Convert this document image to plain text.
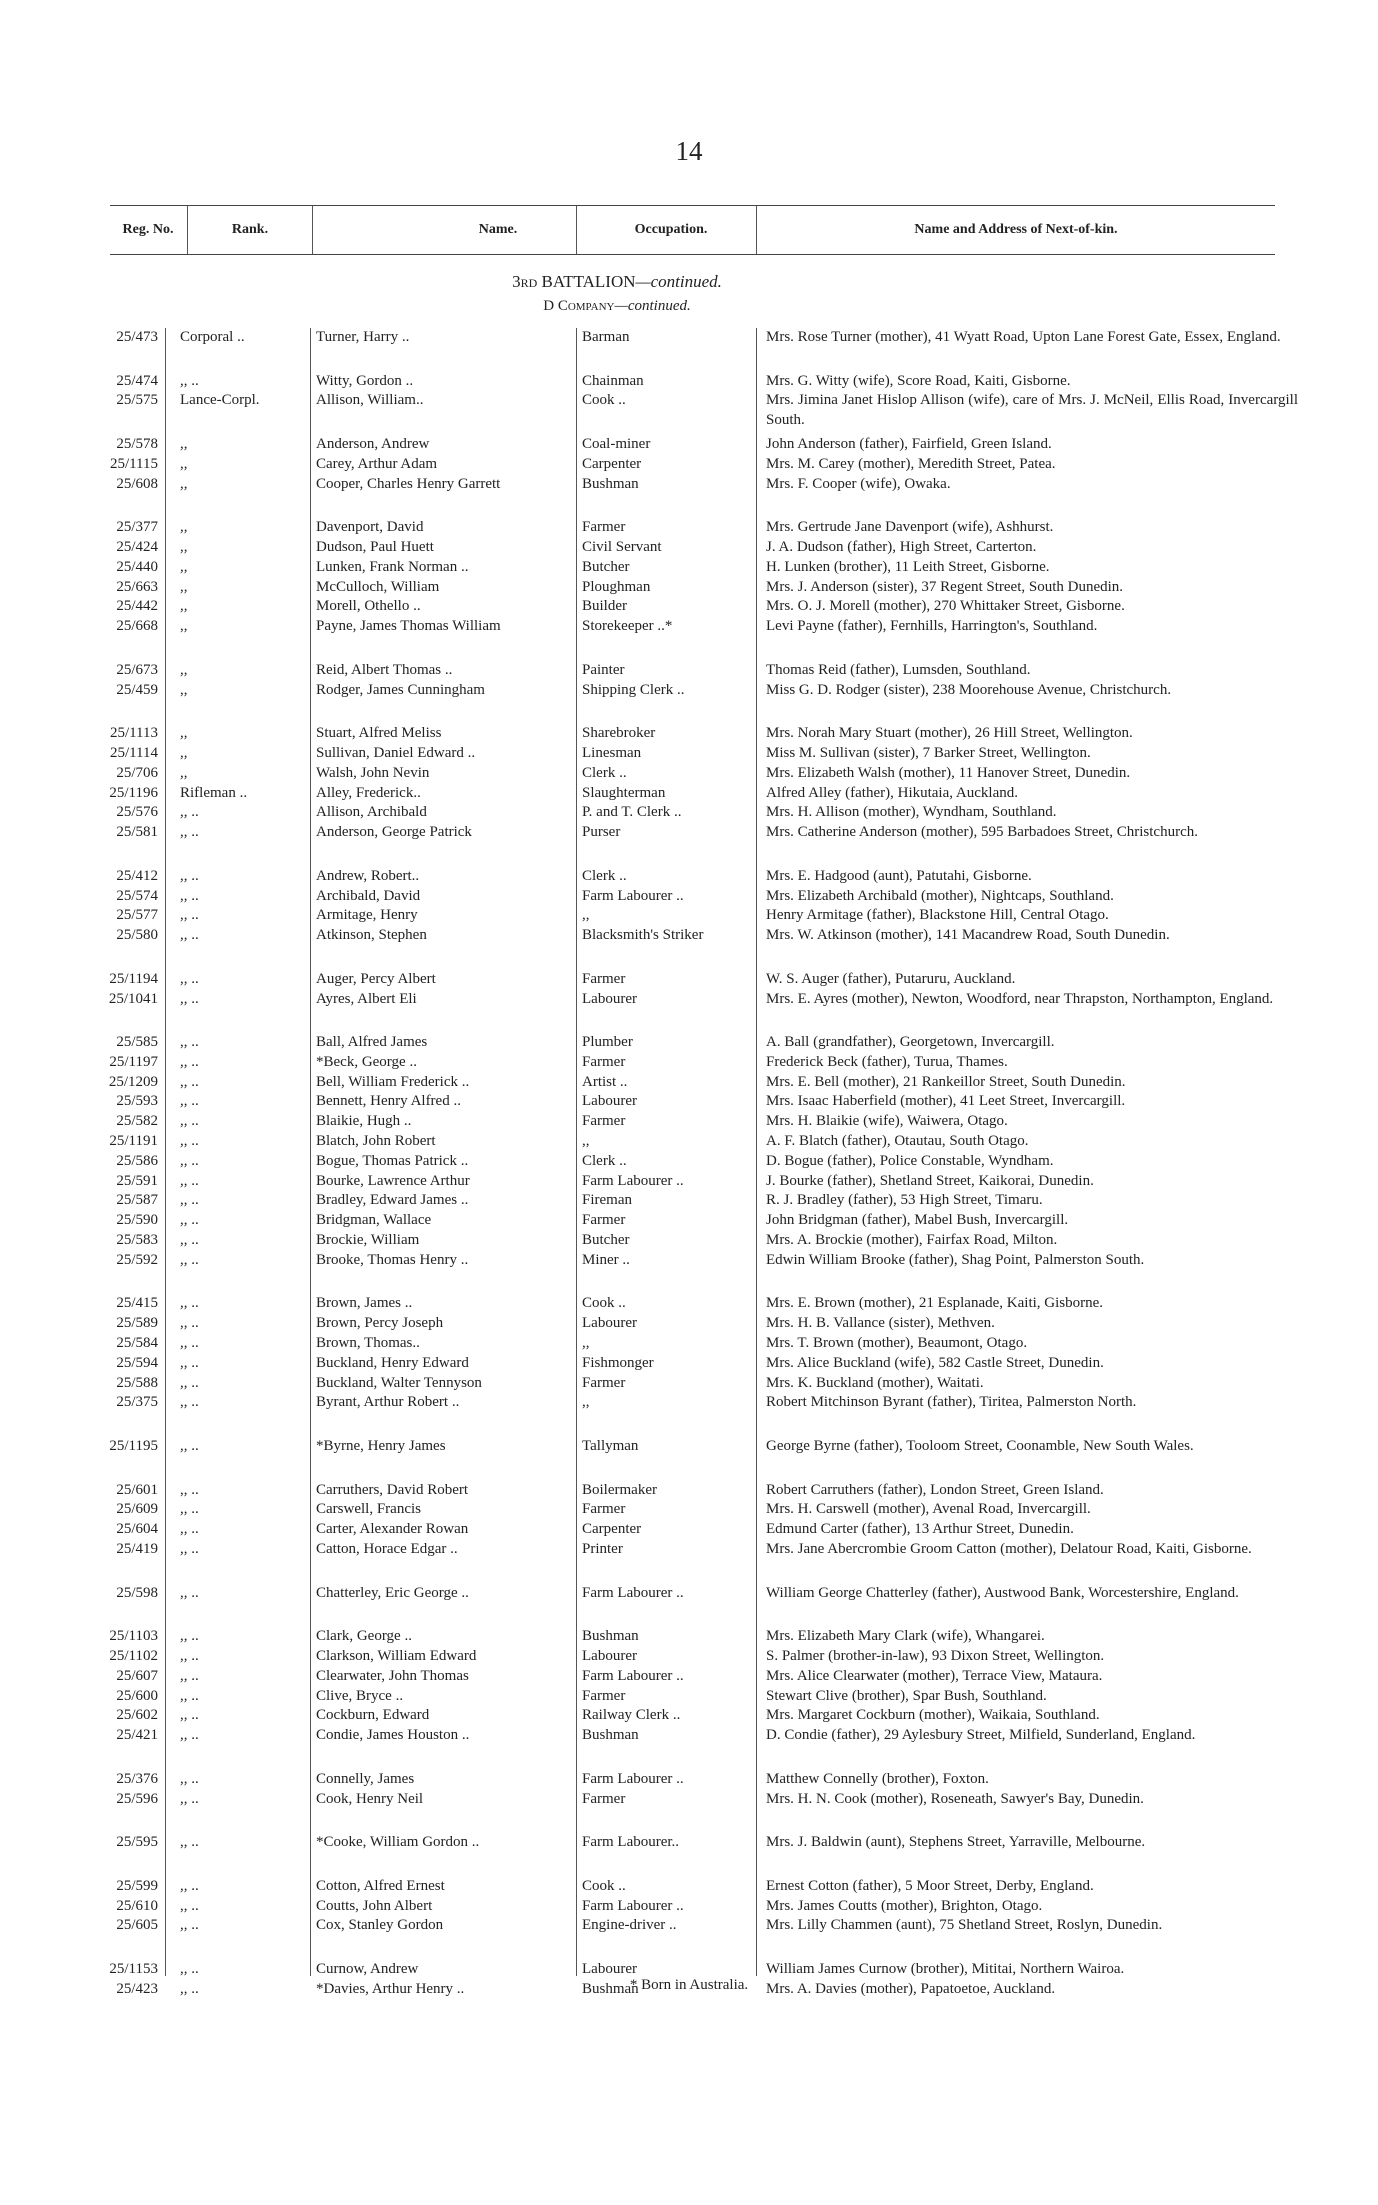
14
Reg. No.	Rank.	Name.	Occupation.	Name and Address of Next-of-kin.
3rd BATTALION—continued.
D Company—continued.
25/473 Corporal ..	Turner, Harry ..	Barman	Mrs. Rose Turner (mother), 41 Wyatt Road, Upton Lane Forest Gate, Essex, England.
25/474 ,, ..	Witty, Gordon ..	Chainman	Mrs. G. Witty (wife), Score Road, Kaiti, Gisborne.
25/575 Lance-Corpl.	Allison, William..	Cook ..	Mrs. Jimina Janet Hislop Allison (wife), care of Mrs. J. McNeil, Ellis Road, Invercargill South.
25/578 ,,	Anderson, Andrew	Coal-miner	John Anderson (father), Fairfield, Green Island.
25/1115 ,,	Carey, Arthur Adam	Carpenter	Mrs. M. Carey (mother), Meredith Street, Patea.
25/608 ,,	Cooper, Charles Henry Garrett	Bushman	Mrs. F. Cooper (wife), Owaka.
25/377 ,,	Davenport, David	Farmer	Mrs. Gertrude Jane Davenport (wife), Ashhurst.
25/424 ,,	Dudson, Paul Huett	Civil Servant	J. A. Dudson (father), High Street, Carterton.
25/440 ,,	Lunken, Frank Norman ..	Butcher	H. Lunken (brother), 11 Leith Street, Gisborne.
25/663 ,,	McCulloch, William	Ploughman	Mrs. J. Anderson (sister), 37 Regent Street, South Dunedin.
25/442 ,,	Morell, Othello ..	Builder	Mrs. O. J. Morell (mother), 270 Whittaker Street, Gisborne.
25/668 ,,	Payne, James Thomas William	Storekeeper ..*	Levi Payne (father), Fernhills, Harrington's, Southland.
25/673 ,,	Reid, Albert Thomas ..	Painter	Thomas Reid (father), Lumsden, Southland.
25/459 ,,	Rodger, James Cunningham	Shipping Clerk ..	Miss G. D. Rodger (sister), 238 Moorehouse Avenue, Christchurch.
25/1113 ,,	Stuart, Alfred Meliss	Sharebroker	Mrs. Norah Mary Stuart (mother), 26 Hill Street, Wellington.
25/1114 ,,	Sullivan, Daniel Edward ..	Linesman	Miss M. Sullivan (sister), 7 Barker Street, Wellington.
25/706 ,,	Walsh, John Nevin	Clerk ..	Mrs. Elizabeth Walsh (mother), 11 Hanover Street, Dunedin.
25/1196 Rifleman ..	Alley, Frederick..	Slaughterman	Alfred Alley (father), Hikutaia, Auckland.
25/576 ,, ..	Allison, Archibald	P. and T. Clerk ..	Mrs. H. Allison (mother), Wyndham, Southland.
25/581 ,, ..	Anderson, George Patrick	Purser	Mrs. Catherine Anderson (mother), 595 Barbadoes Street, Christchurch.
25/412 ,, ..	Andrew, Robert..	Clerk ..	Mrs. E. Hadgood (aunt), Patutahi, Gisborne.
25/574 ,, ..	Archibald, David	Farm Labourer ..	Mrs. Elizabeth Archibald (mother), Nightcaps, Southland.
25/577 ,, ..	Armitage, Henry	,,	Henry Armitage (father), Blackstone Hill, Central Otago.
25/580 ,, ..	Atkinson, Stephen	Blacksmith's Striker	Mrs. W. Atkinson (mother), 141 Macandrew Road, South Dunedin.
25/1194 ,, ..	Auger, Percy Albert	Farmer	W. S. Auger (father), Putaruru, Auckland.
25/1041 ,, ..	Ayres, Albert Eli	Labourer	Mrs. E. Ayres (mother), Newton, Woodford, near Thrapston, Northampton, England.
25/585 ,, ..	Ball, Alfred James	Plumber	A. Ball (grandfather), Georgetown, Invercargill.
25/1197 ,, ..	*Beck, George ..	Farmer	Frederick Beck (father), Turua, Thames.
25/1209 ,, ..	Bell, William Frederick ..	Artist ..	Mrs. E. Bell (mother), 21 Rankeillor Street, South Dunedin.
25/593 ,, ..	Bennett, Henry Alfred ..	Labourer	Mrs. Isaac Haberfield (mother), 41 Leet Street, Invercargill.
25/582 ,, ..	Blaikie, Hugh ..	Farmer	Mrs. H. Blaikie (wife), Waiwera, Otago.
25/1191 ,, ..	Blatch, John Robert	,,	A. F. Blatch (father), Otautau, South Otago.
25/586 ,, ..	Bogue, Thomas Patrick ..	Clerk ..	D. Bogue (father), Police Constable, Wyndham.
25/591 ,, ..	Bourke, Lawrence Arthur	Farm Labourer ..	J. Bourke (father), Shetland Street, Kaikorai, Dunedin.
25/587 ,, ..	Bradley, Edward James ..	Fireman	R. J. Bradley (father), 53 High Street, Timaru.
25/590 ,, ..	Bridgman, Wallace	Farmer	John Bridgman (father), Mabel Bush, Invercargill.
25/583 ,, ..	Brockie, William	Butcher	Mrs. A. Brockie (mother), Fairfax Road, Milton.
25/592 ,, ..	Brooke, Thomas Henry ..	Miner ..	Edwin William Brooke (father), Shag Point, Palmerston South.
25/415 ,, ..	Brown, James ..	Cook ..	Mrs. E. Brown (mother), 21 Esplanade, Kaiti, Gisborne.
25/589 ,, ..	Brown, Percy Joseph	Labourer	Mrs. H. B. Vallance (sister), Methven.
25/584 ,, ..	Brown, Thomas..	,,	Mrs. T. Brown (mother), Beaumont, Otago.
25/594 ,, ..	Buckland, Henry Edward	Fishmonger	Mrs. Alice Buckland (wife), 582 Castle Street, Dunedin.
25/588 ,, ..	Buckland, Walter Tennyson	Farmer	Mrs. K. Buckland (mother), Waitati.
25/375 ,, ..	Byrant, Arthur Robert ..	,,	Robert Mitchinson Byrant (father), Tiritea, Palmerston North.
25/1195 ,, ..	*Byrne, Henry James	Tallyman	George Byrne (father), Tooloom Street, Coonamble, New South Wales.
25/601 ,, ..	Carruthers, David Robert	Boilermaker	Robert Carruthers (father), London Street, Green Island.
25/609 ,, ..	Carswell, Francis	Farmer	Mrs. H. Carswell (mother), Avenal Road, Invercargill.
25/604 ,, ..	Carter, Alexander Rowan	Carpenter	Edmund Carter (father), 13 Arthur Street, Dunedin.
25/419 ,, ..	Catton, Horace Edgar ..	Printer	Mrs. Jane Abercrombie Groom Catton (mother), Delatour Road, Kaiti, Gisborne.
25/598 ,, ..	Chatterley, Eric George ..	Farm Labourer ..	William George Chatterley (father), Austwood Bank, Worcestershire, England.
25/1103 ,, ..	Clark, George ..	Bushman	Mrs. Elizabeth Mary Clark (wife), Whangarei.
25/1102 ,, ..	Clarkson, William Edward	Labourer	S. Palmer (brother-in-law), 93 Dixon Street, Wellington.
25/607 ,, ..	Clearwater, John Thomas	Farm Labourer ..	Mrs. Alice Clearwater (mother), Terrace View, Mataura.
25/600 ,, ..	Clive, Bryce ..	Farmer	Stewart Clive (brother), Spar Bush, Southland.
25/602 ,, ..	Cockburn, Edward	Railway Clerk ..	Mrs. Margaret Cockburn (mother), Waikaia, Southland.
25/421 ,, ..	Condie, James Houston ..	Bushman	D. Condie (father), 29 Aylesbury Street, Milfield, Sunderland, England.
25/376 ,, ..	Connelly, James	Farm Labourer ..	Matthew Connelly (brother), Foxton.
25/596 ,, ..	Cook, Henry Neil	Farmer	Mrs. H. N. Cook (mother), Roseneath, Sawyer's Bay, Dunedin.
25/595 ,, ..	*Cooke, William Gordon ..	Farm Labourer..	Mrs. J. Baldwin (aunt), Stephens Street, Yarraville, Melbourne.
25/599 ,, ..	Cotton, Alfred Ernest	Cook ..	Ernest Cotton (father), 5 Moor Street, Derby, England.
25/610 ,, ..	Coutts, John Albert	Farm Labourer ..	Mrs. James Coutts (mother), Brighton, Otago.
25/605 ,, ..	Cox, Stanley Gordon	Engine-driver ..	Mrs. Lilly Chammen (aunt), 75 Shetland Street, Roslyn, Dunedin.
25/1153 ,, ..	Curnow, Andrew	Labourer	William James Curnow (brother), Mititai, Northern Wairoa.
25/423 ,, ..	*Davies, Arthur Henry ..	Bushman	Mrs. A. Davies (mother), Papatoetoe, Auckland.
* Born in Australia.
